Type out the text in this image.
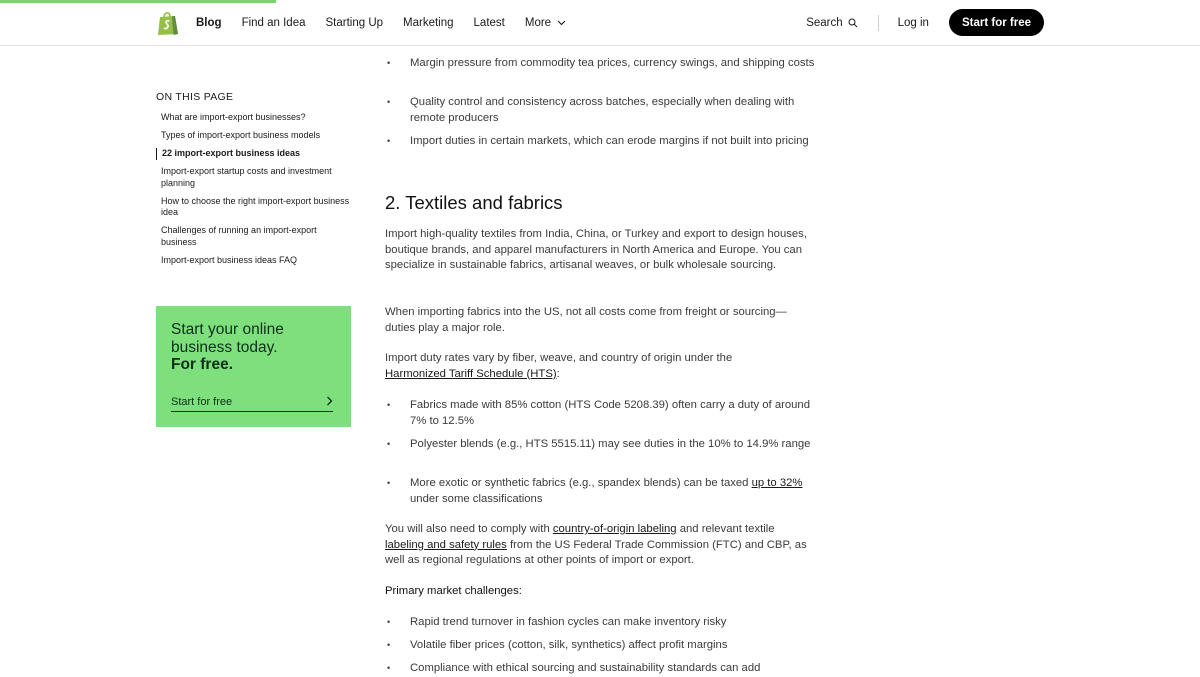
Blog Find an Idea Starting Up Marketing Latest More	Search	Log in	Start for free
ON THIS PAGE
What are import-export businesses?
Types of import-export business models
22 import-export business ideas
Import-export startup costs and investment planning
How to choose the right import-export business idea
Challenges of running an import-export business
Import-export business ideas FAQ
Start your online business today.
For free.
Start for free
• Margin pressure from commodity tea prices, currency swings, and shipping costs
• Quality control and consistency across batches, especially when dealing with remote producers
• Import duties in certain markets, which can erode margins if not built into pricing
2. Textiles and fabrics

Import high-quality textiles from India, China, or Turkey and export to design houses, boutique brands, and apparel manufacturers in North America and Europe. You can specialize in sustainable fabrics, artisanal weaves, or bulk wholesale sourcing.

When importing fabrics into the US, not all costs come from freight or sourcing—duties play a major role.

Import duty rates vary by fiber, weave, and country of origin under the Harmonized Tariff Schedule (HTS):

• Fabrics made with 85% cotton (HTS Code 5208.39) often carry a duty of around 7% to 12.5%
• Polyester blends (e.g., HTS 5515.11) may see duties in the 10% to 14.9% range
• More exotic or synthetic fabrics (e.g., spandex blends) can be taxed up to 32% under some classifications

You will also need to comply with country-of-origin labeling and relevant textile labeling and safety rules from the US Federal Trade Commission (FTC) and CBP, as well as regional regulations at other points of import or export.

Primary market challenges:

• Rapid trend turnover in fashion cycles can make inventory risky
• Volatile fiber prices (cotton, silk, synthetics) affect profit margins
• Compliance with ethical sourcing and sustainability standards can add
